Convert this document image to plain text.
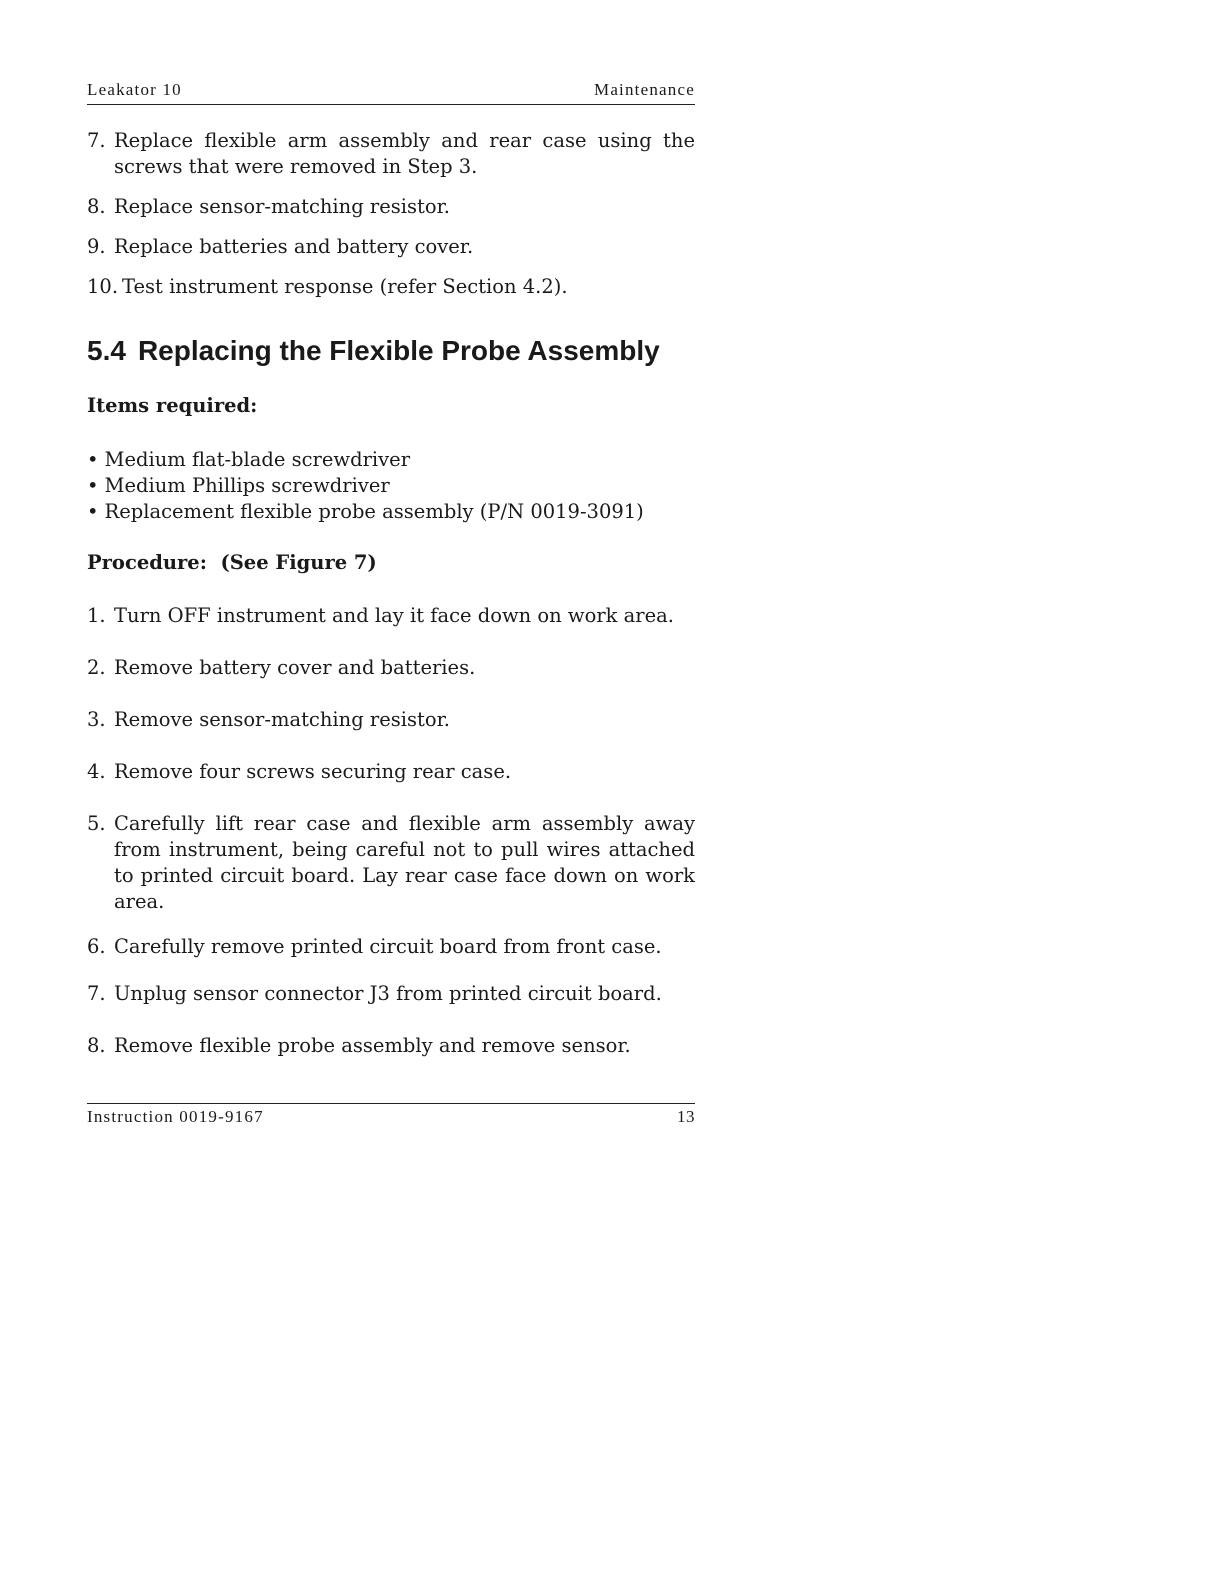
Leakator 10	Maintenance
7. Replace flexible arm assembly and rear case using the screws that were removed in Step 3.
8. Replace sensor-matching resistor.
9. Replace batteries and battery cover.
10. Test instrument response (refer Section 4.2).
5.4 Replacing the Flexible Probe Assembly
Items required:
• Medium flat-blade screwdriver
• Medium Phillips screwdriver
• Replacement flexible probe assembly (P/N 0019-3091)
Procedure:  (See Figure 7)
1. Turn OFF instrument and lay it face down on work area.
2. Remove battery cover and batteries.
3. Remove sensor-matching resistor.
4. Remove four screws securing rear case.
5. Carefully lift rear case and flexible arm assembly away from instrument, being careful not to pull wires attached to printed circuit board. Lay rear case face down on work area.
6. Carefully remove printed circuit board from front case.
7. Unplug sensor connector J3 from printed circuit board.
8. Remove flexible probe assembly and remove sensor.
Instruction 0019-9167	13
